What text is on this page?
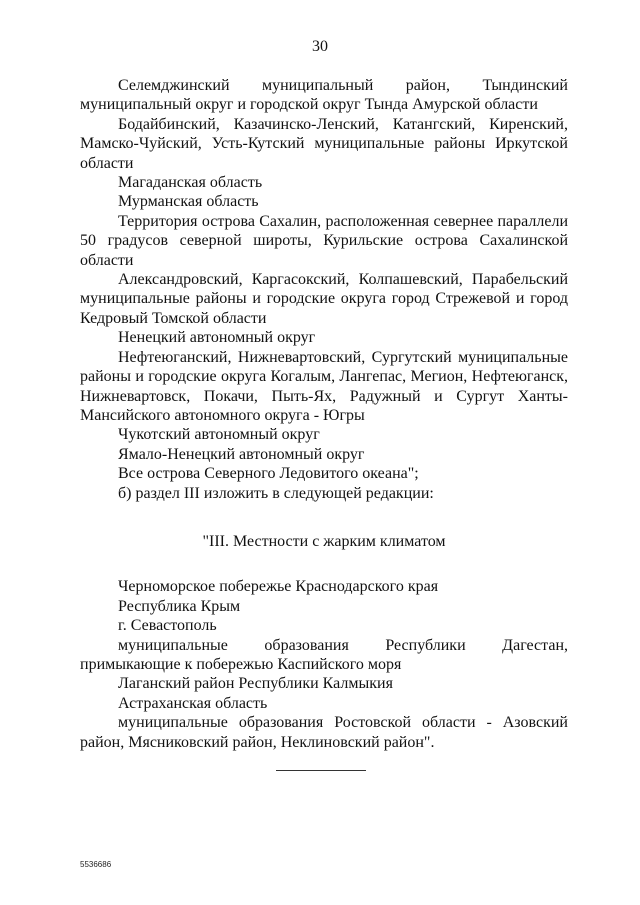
30

Селемджинский муниципальный район, Тындинский муниципальный округ и городской округ Тында Амурской области

Бодайбинский, Казачинско-Ленский, Катангский, Киренский, Мамско-Чуйский, Усть-Кутский муниципальные районы Иркутской области

Магаданская область

Мурманская область

Территория острова Сахалин, расположенная севернее параллели 50 градусов северной широты, Курильские острова Сахалинской области

Александровский, Каргасокский, Колпашевский, Парабельский муниципальные районы и городские округа город Стрежевой и город Кедровый Томской области

Ненецкий автономный округ

Нефтеюганский, Нижневартовский, Сургутский муниципальные районы и городские округа Когалым, Лангепас, Мегион, Нефтеюганск, Нижневартовск, Покачи, Пыть-Ях, Радужный и Сургут Ханты-Мансийского автономного округа - Югры

Чукотский автономный округ

Ямало-Ненецкий автономный округ

Все острова Северного Ледовитого океана";

б) раздел III изложить в следующей редакции:

"III. Местности с жарким климатом

Черноморское побережье Краснодарского края

Республика Крым

г. Севастополь

муниципальные образования Республики Дагестан, примыкающие к побережью Каспийского моря

Лаганский район Республики Калмыкия

Астраханская область

муниципальные образования Ростовской области - Азовский район, Мясниковский район, Неклиновский район".

5536686
